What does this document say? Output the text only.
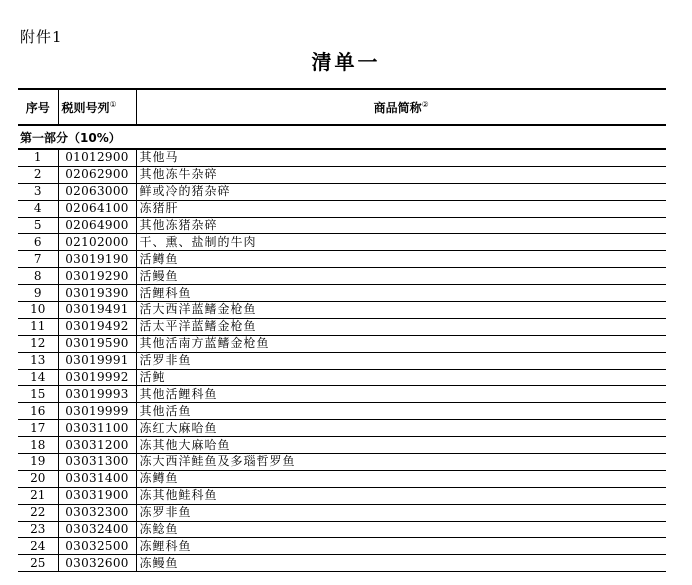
附件1
清单一
序号	税则号列①	商品简称②
第一部分（10%）		
1	01012900	其他马
2	02062900	其他冻牛杂碎
3	02063000	鲜或冷的猪杂碎
4	02064100	冻猪肝
5	02064900	其他冻猪杂碎
6	02102000	干、熏、盐制的牛肉
7	03019190	活鳟鱼
8	03019290	活鳗鱼
9	03019390	活鲤科鱼
10	03019491	活大西洋蓝鳍金枪鱼
11	03019492	活太平洋蓝鳍金枪鱼
12	03019590	其他活南方蓝鳍金枪鱼
13	03019991	活罗非鱼
14	03019992	活鲀
15	03019993	其他活鲤科鱼
16	03019999	其他活鱼
17	03031100	冻红大麻哈鱼
18	03031200	冻其他大麻哈鱼
19	03031300	冻大西洋鲑鱼及多瑙哲罗鱼
20	03031400	冻鳟鱼
21	03031900	冻其他鲑科鱼
22	03032300	冻罗非鱼
23	03032400	冻鲶鱼
24	03032500	冻鲤科鱼
25	03032600	冻鳗鱼
